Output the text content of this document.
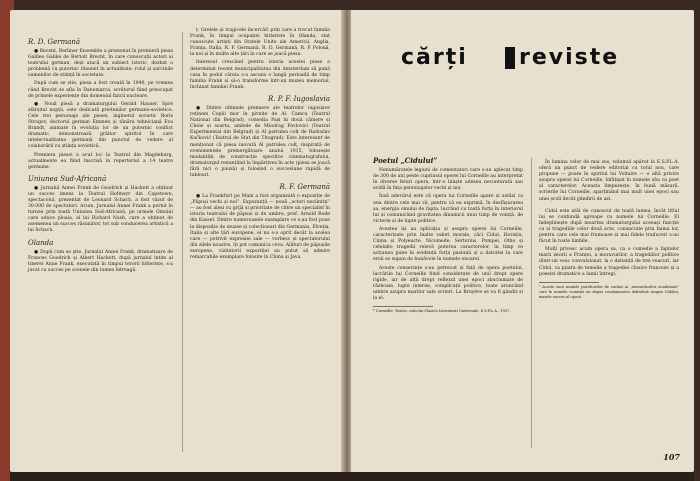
R. D. Germană

● Recent, Berliner Ensemble a prezentat în premieră piesa Galileo Galilei de Bertolt Brecht, în care cunoscuții actori ai teatrului german, deși atacă un subiect istoric, dezbat o problemă cu puternic răsunet în actualitate: rolul și sarcinile oamenilor de știință în societate.

După cum se știe, piesa a fost creată în 1940, pe vremea când Brecht se afla în Danemarca, scriitorul fiind preocupat de primele experiențe din domeniul fizicii nucleare.

● Nouă piesă a dramaturgului Gerald Hauser, Spre sfârșitul nopții, este dedicată prietenilor germano-sovietice. Cele trei personaje ale piesei, inginerul sovietic Boris Strogov, doctorul german Emmen și tânăra tehniciană Eva Brandt, animate în evoluția lor de un puternic conflict dramatic, demonstrează grăitor spiritul în care intelectualitatea germană din punctul de vedere al colaborării cu știința sovietică.

Premiera piesei a avut loc la Teatrul din Magdeburg, actualmente ea fiind înscrisă în repertoriul a 14 teatre germane.

Uniunea Sud-Africană

● Jurnalul Annei Frank de Goodrich și Hackett a obținut un succes imens la Teatrul Hofmeyr din Capetown; spectacolul, prezentat de Leonard Schach, a fost văzut de 30.000 de spectatori. Acum, Jurnalul Annei Frank a pornit în turneu prin toată Uniunea Sud-Africană, pe urmele Omului care aduce ploaia, al lui Richard Nash, care a obținut de asemenea un succes răsunător, tot sub conducerea artistică a lui Schach.

Olanda

● După cum se știe, Jurnalul Annei Frank, dramatizare de Frances Goodrich și Albert Hackett, după jurnalul intim al tinerei Anne Frank, executată în timpul terorii hitleriste, s-a jucat cu succes pe scenele din lumea întreagă.

ț. Grelele și tragicele încercări prin care a trecut familia Frank, în timpul ocupației hitleriste în Olanda, stat cunoscute artiști din Statele Unite ale Americii, Anglia, Franța, Italia, R. F. Germană, R. D. Germană, R. P. Polonă, la noi și în multe alte țări în care se joacă piesa.

Interesul crescând pentru istoria acestei piese a determinat recent municipalitatea din Amsterdam să pună casa în podul căreia s-a ascuns o lungă perioadă de timp familia Frank și să-o transforme într-un muzeu memorial, închinat familiei Frank.

R. P. F. Iugoslavia

● Dintre ultimele premiere ale teatrelor iugoslave reținem Copiii mor în pivnițe de Al. Camcu (Teatrul Național din Belgrad), comedia Pași în două cămere și Cheie și soarta, ambele de Miodrag Pavlovici (Teatrul Experimental din Belgrad) și Al patrulea colț de Radoslav Kučković (Teatrul de Stat din Titograd). Este interesant de menționat că piesa inovată Al patrulea colț, inspirată de evenimentele premergătoare anului 1915, folosește modalități de construcție specifice cinematografului, dramaturgul renunțând la împărțirea în acte (piesa se joacă fără nici o pauză) și folosind o succesiune rapidă de tablouri.

R. F. Germană

● La Frankfurt pe Main a fost organizată o expoziție de „Păpuși vechi și noi”. Expozanții — nouă „actori neclintiți” — au fost aleși cu grijă și prioritate de către un specialist în istoria teatrului de păpuși și de umbre, prof. Arnold Rode din Kassel. Dintre numeroasele exemplare ce s-au fost puse la dispoziție de muzee și colecționari din Germania, Elveția, Italia și alte țări europene, el nu s-a oprit decât la acelea care — potrivit expresiei sale — vorbesc și spectatorului din zilele noastre, iți pot comunica ceva. Alături de păpușile europene, vizitatorii expoziției au putut să admire remarcabile exemplare folosite în China și Java.

cărți reviste
Poetul „Cidului”

Nenumăratele legiuni de comentatori care s-au aplecat timp de 300 de ani peste cuprinsul operei lui Corneille au interpretat în diverse feluri opera, într-o liniște adesea neconturată sau avidă în fața personajelor vechi și noi.

Însă adevărul este că opera lui Corneille apare și astăzi ca una dintre cele mai vii, pentru că ea exprimă, în desfășurarea sa, energia omului de fapta, lucrând cu toată forța în interiorul lui și comunicând gravitatea dinamicii unui timp de voință, de victorie și de lupte politice.

Acestea își au aplicația și asupra operei lui Corneille, caracterizate prin înalte valori morale, căci Cidul, Horațiu, Cinna și Polyeucte, Nicomede, Sertorius, Pompei, Otho și celelalte tragedii relevă puterea caracterelor, în timp ce acțiunea pune în evidență forța pasiunii și a datoriei la care eroii se supun de bunăvoie în numele onoarei.

Aceste consecințe s-au petrecut și față de opera poetului, lucrările lui Corneille fiind considerate de unii drept opere rigide, iar de alții drept reflexul unei epoci zbuciumate de războaie, lupte interne, complicații politice, toate aruncând umbre asupra marilor sale scrieri. La Bruyère se va fi gândit și la el.

* Corneille, Teatru, colecția Clasicii Literaturii Universale, E.S.P.L.A., 1957.

În lumina celor de mai sus, volumul apărut la E.S.P.L.A. oferă un punct de vedere editorial cu totul nou, care propune — poate în spiritul lui Voltaire — o altă privire asupra operei lui Corneille, înfățișat în numele său ca poet al caracterelor. Aceasta limpezește, în bună măsură, scrierile lui Corneille, aparținând mai mult unei epoci sau unei școli decât gândirii de azi.

Cidul este atât de cunoscut de toată lumea, încât titlul lui se confundă aproape cu numele lui Corneille. El îndeplinește după moartea dramaturgului aceeași funcție ca și tragediile celor două acte, consacrate prin faima lor, pentru care cele mai frumoase și mai fidele traduceri s-au făcut în toate limbile.

Mulți privesc acum opera sa, ca o comedie a faptelor marii istorii a Franței, a moravurilor, a tragediilor politice dintr-un veac convulsionat, la o distanță de trei veacuri, iar Cidul, ca piatra de temelie a tragediei clasice franceze și a poeziei dramatice a lumii întregi.

¹ Aceste sunt numele purtătorilor de cuvânt ai „nemuritorilor Academiei” care în numele comisiei au depus condamnarea definitivă asupra Cidului, marele succes al epocii.
107
